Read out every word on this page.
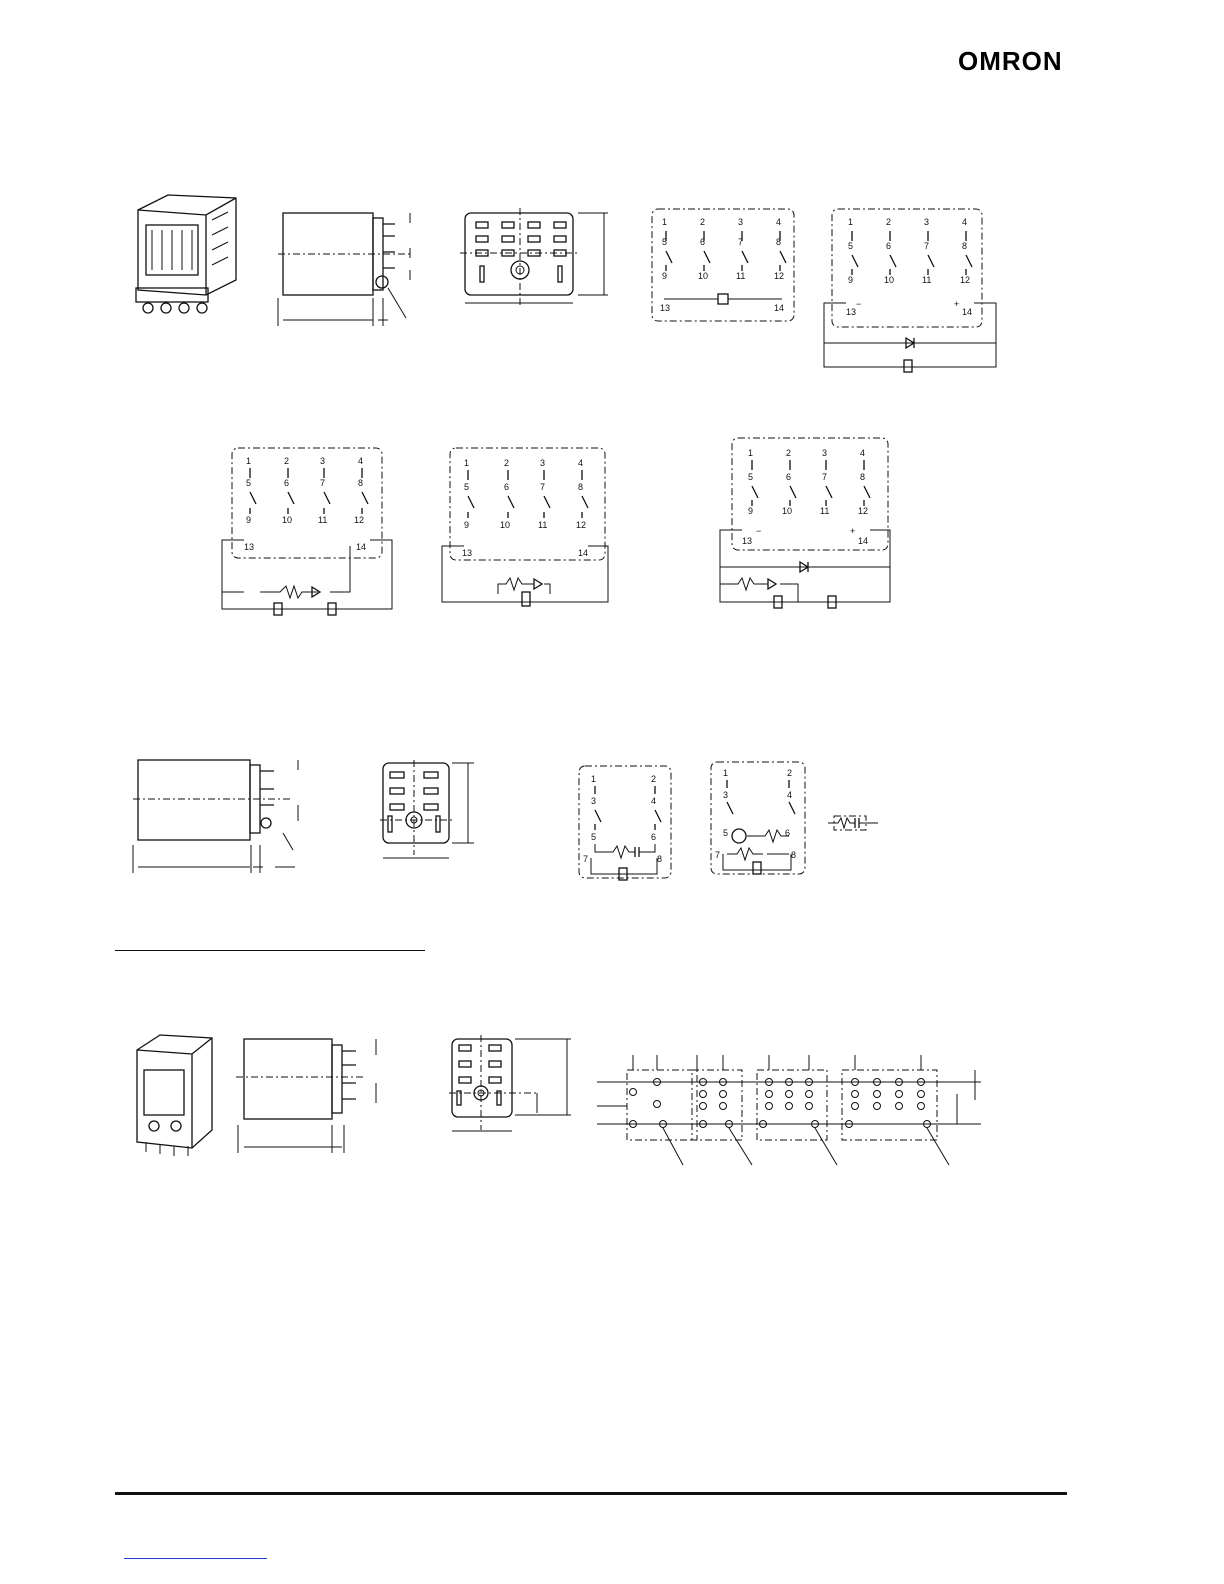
OMRON
1	2	3	4
5	6	7	8
9	10	11	12
13	14
1	2	3	4
5	6	7	8
9	10	11	12
13	14
−	+
1	2	3	4
5	6	7	8
9	10	11	12
13	14
1	2	3	4
5	6	7	8
9	10	11	12
13	14
1	2	3	4
5	6	7	8
9	10	11	12
13	14
−	+
1	2
3	4
5	6
7	8
1	2
3	4
5	6
7	8
